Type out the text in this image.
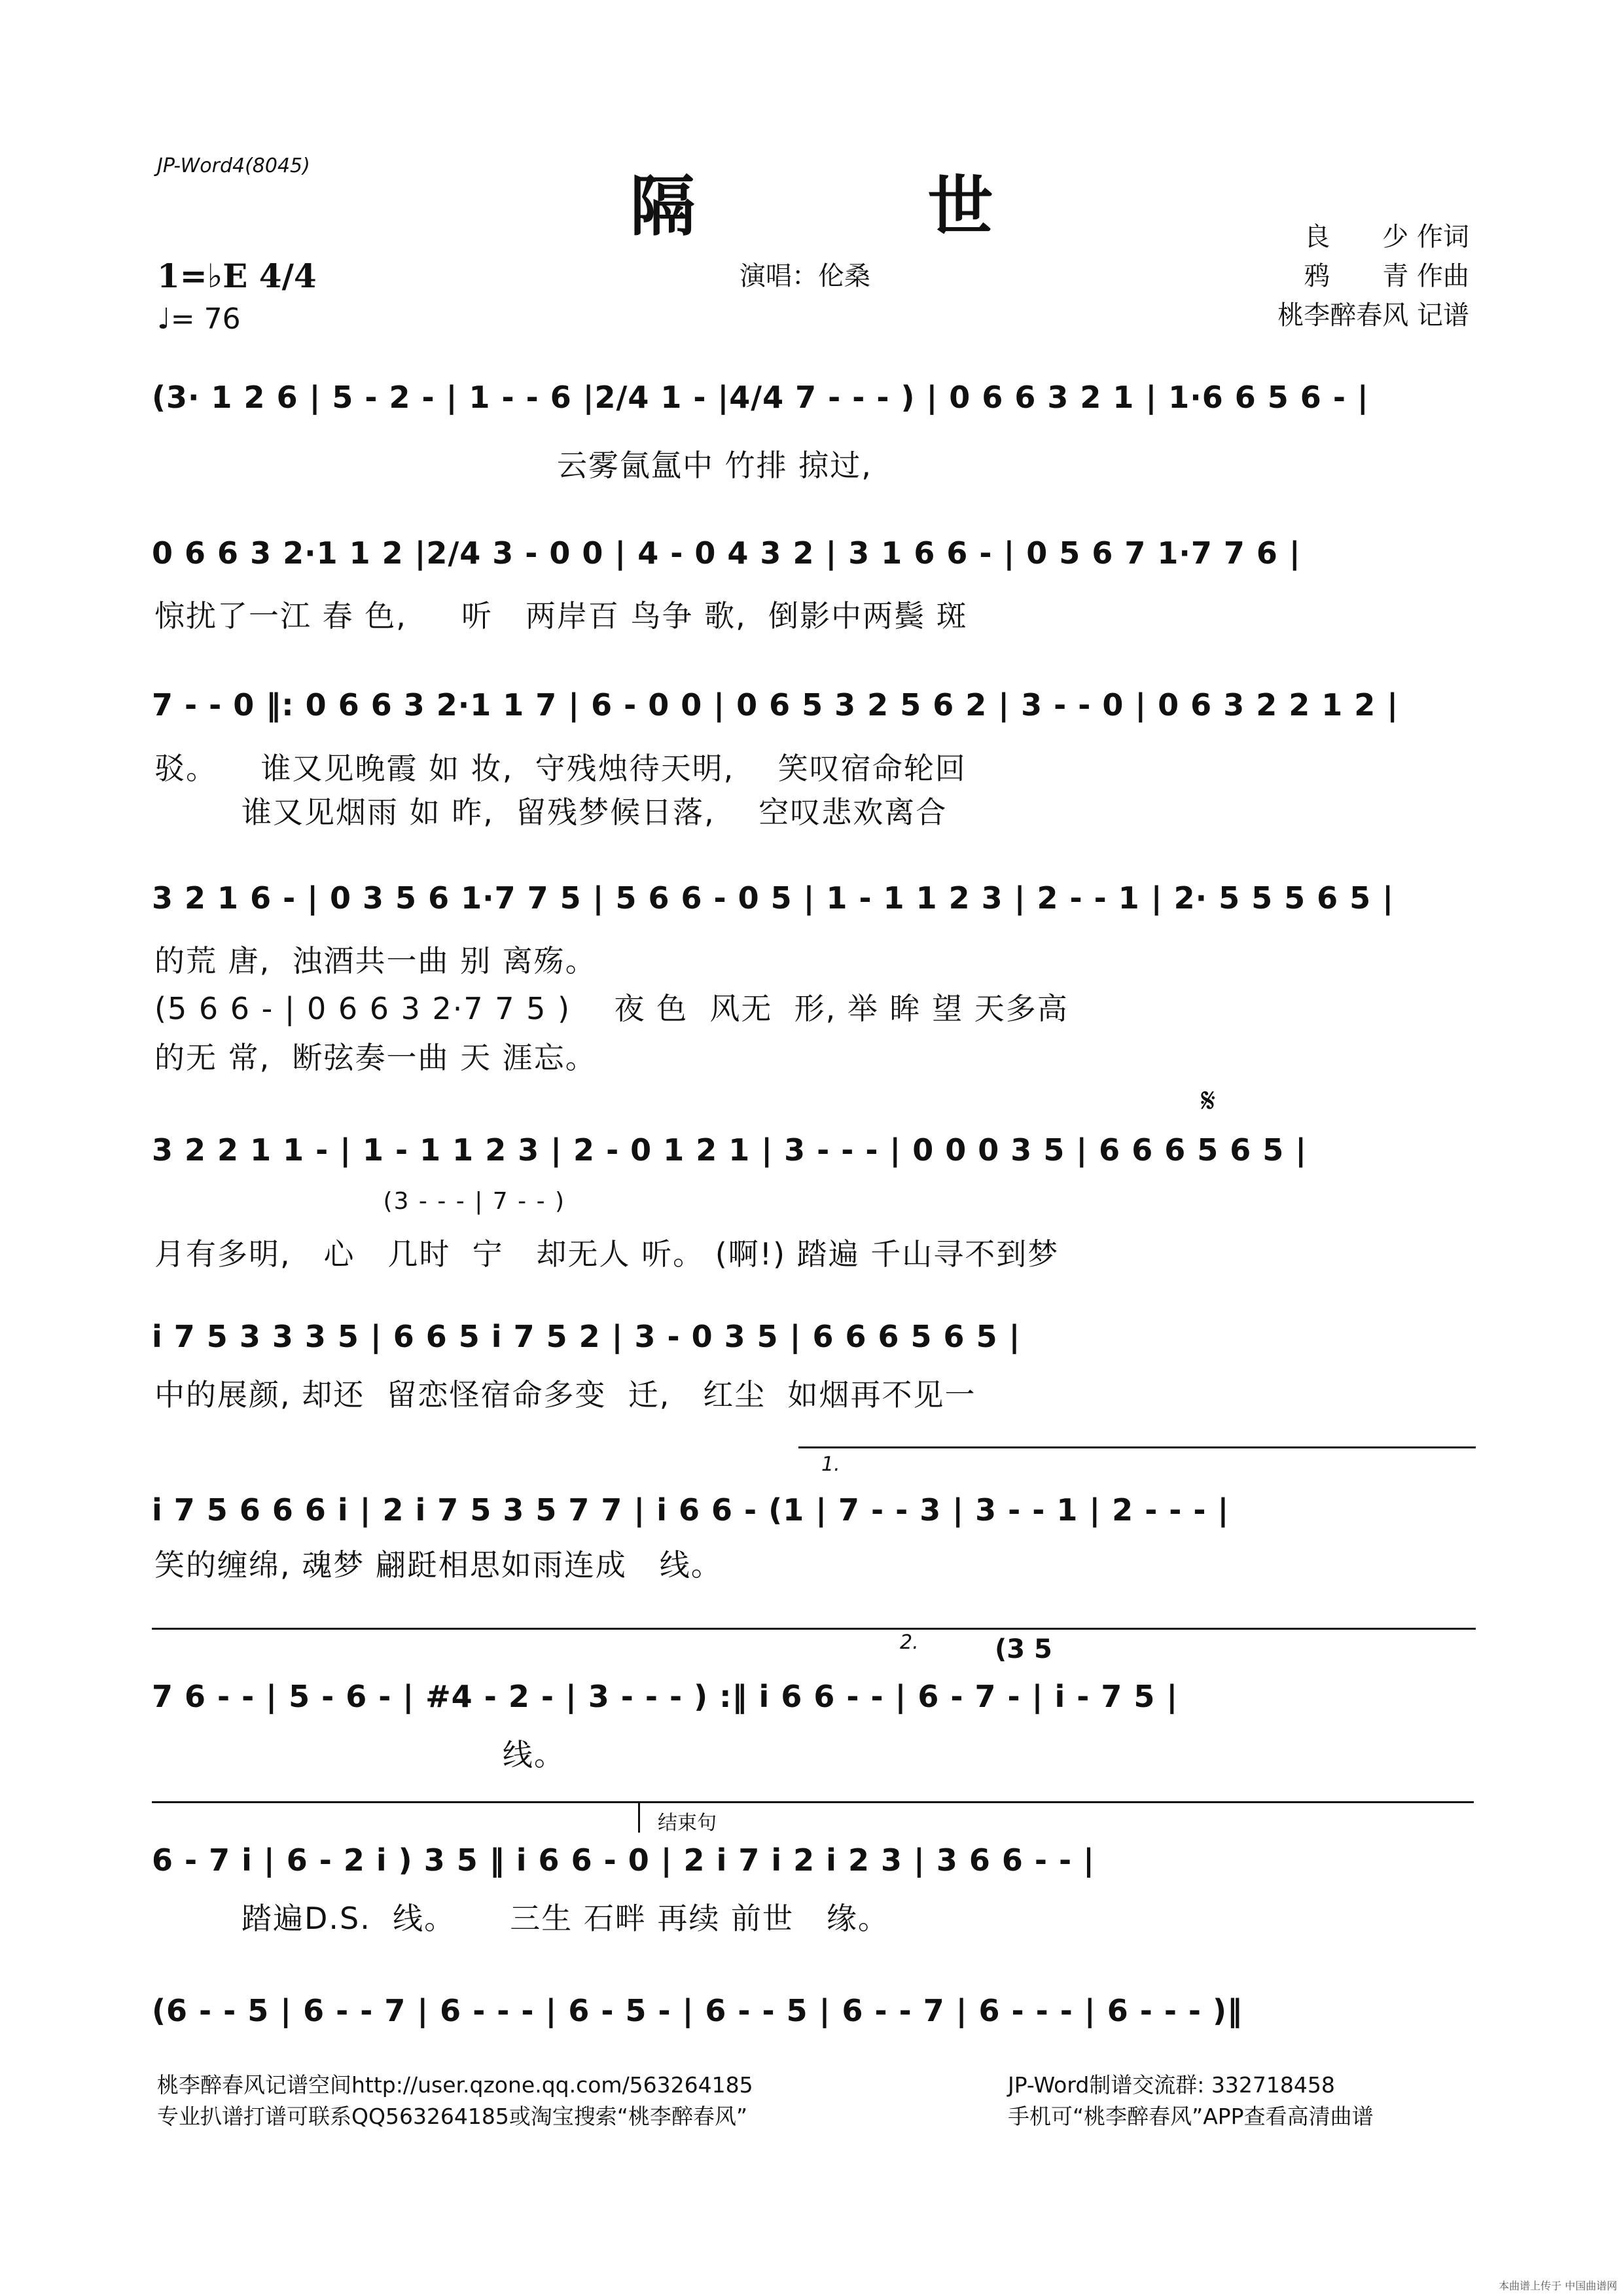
JP-Word4(8045)
隔 世
1=♭E 4/4
♩= 76
演唱：伦桑
良　　少 作词
鸦　　青 作曲
桃李醉春风 记谱
(3· 1 2 6 | 5 - 2 - | 1 - - 6 |2/4 1 - |4/4 7 - - - ) | 0 6 6 3 2 1 | 1·6 6 5 6 - |
云雾氤氲中 竹排 掠过,
0 6 6 3 2·1 1 2 |2/4 3 - 0 0 | 4 - 0 4 3 2 | 3 1 6 6 - | 0 5 6 7 1·7 7 6 |
惊扰了一江 春 色,     听   两岸百 鸟争 歌,  倒影中两鬓 斑
7 - - 0 ‖: 0 6 6 3 2·1 1 7 | 6 - 0 0 | 0 6 5 3 2 5 6 2 | 3 - - 0 | 0 6 3 2 2 1 2 |
驳。    谁又见晚霞 如 妆,  守残烛待天明,    笑叹宿命轮回
谁又见烟雨 如 昨,  留残梦候日落,    空叹悲欢离合
3 2 1 6 - | 0 3 5 6 1·7 7 5 | 5 6 6 - 0 5 | 1 - 1 1 2 3 | 2 - - 1 | 2· 5 5 5 6 5 |
的荒 唐,  浊酒共一曲 别 离殇。
(5 6 6 - | 0 6 6 3 2·7 7 5 )    夜 色  风无  形, 举 眸 望 天多高
的无 常,  断弦奏一曲 天 涯忘。
𝄋
3 2 2 1 1 - | 1 - 1 1 2 3 | 2 - 0 1 2 1 | 3 - - - | 0 0 0 3 5 | 6 6 6 5 6 5 |
(3 - - - | 7 - - )
月有多明,   心   几时  宁   却无人 听。 (啊!) 踏遍 千山寻不到梦
i 7 5 3 3 3 5 | 6 6 5 i 7 5 2 | 3 - 0 3 5 | 6 6 6 5 6 5 |
中的展颜, 却还  留恋怪宿命多变  迁,   红尘  如烟再不见一
1.
i 7 5 6 6 6 i | 2 i 7 5 3 5 7 7 | i 6 6 - (1 | 7 - - 3 | 3 - - 1 | 2 - - - |
笑的缠绵, 魂梦 翩跹相思如雨连成   线。
2.	(3 5
7 6 - - | 5 - 6 - | #4 - 2 - | 3 - - - ) :‖ i 6 6 - - | 6 - 7 - | i - 7 5 |
线。
结束句
6 - 7 i | 6 - 2 i ) 3 5 ‖ i 6 6 - 0 | 2 i 7 i 2 i 2 3 | 3 6 6 - - |
踏遍D.S.  线。     三生 石畔 再续 前世   缘。
(6 - - 5 | 6 - - 7 | 6 - - - | 6 - 5 - | 6 - - 5 | 6 - - 7 | 6 - - - | 6 - - - )‖
桃李醉春风记谱空间http://user.qzone.qq.com/563264185
专业扒谱打谱可联系QQ563264185或淘宝搜索“桃李醉春风”
JP-Word制谱交流群: 332718458
手机可“桃李醉春风”APP查看高清曲谱
本曲谱上传于 中国曲谱网
